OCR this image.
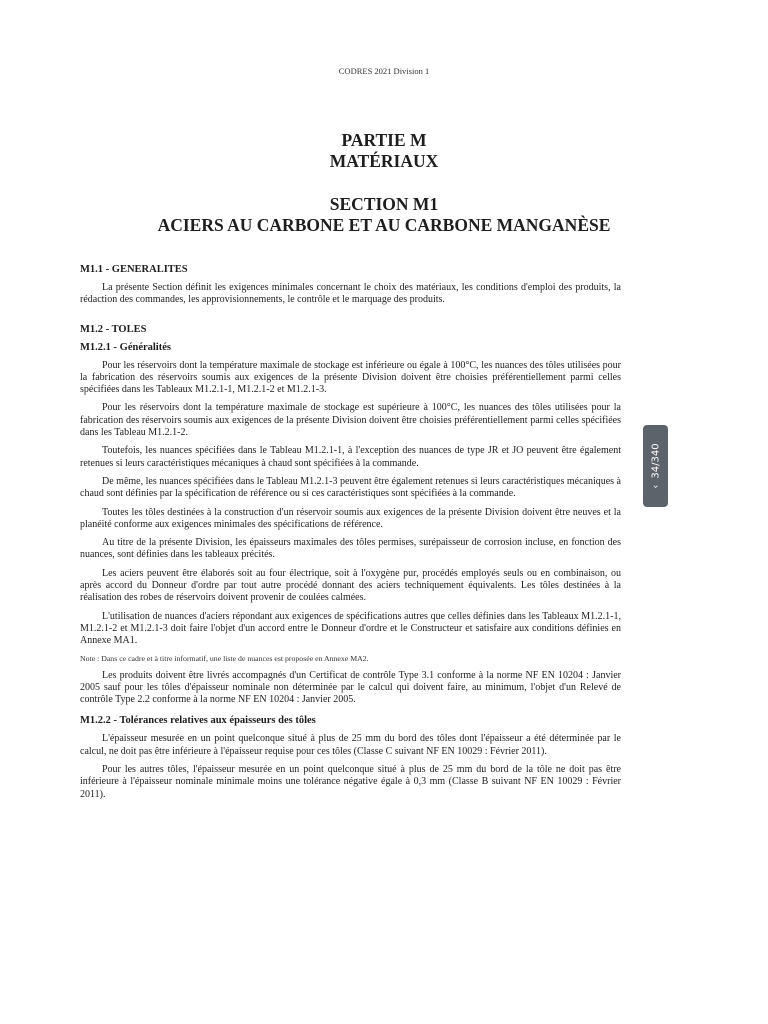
CODRES 2021 Division 1
PARTIE M
MATÉRIAUX
SECTION M1
ACIERS AU CARBONE ET AU CARBONE MANGANÈSE
M1.1 - GENERALITES

La présente Section définit les exigences minimales concernant le choix des matériaux, les conditions d'emploi des produits, la rédaction des commandes, les approvisionnements, le contrôle et le marquage des produits.

M1.2 - TOLES
M1.2.1 - Généralités

Pour les réservoirs dont la température maximale de stockage est inférieure ou égale à 100°C, les nuances des tôles utilisées pour la fabrication des réservoirs soumis aux exigences de la présente Division doivent être choisies préférentiellement parmi celles spécifiées dans les Tableaux M1.2.1-1, M1.2.1-2 et M1.2.1-3.

Pour les réservoirs dont la température maximale de stockage est supérieure à 100°C, les nuances des tôles utilisées pour la fabrication des réservoirs soumis aux exigences de la présente Division doivent être choisies préférentiellement parmi celles spécifiées dans les Tableau M1.2.1-2.

Toutefois, les nuances spécifiées dans le Tableau M1.2.1-1, à l'exception des nuances de type JR et JO peuvent être également retenues si leurs caractéristiques mécaniques à chaud sont spécifiées à la commande.

De même, les nuances spécifiées dans le Tableau M1.2.1-3 peuvent être également retenues si leurs caractéristiques mécaniques à chaud sont définies par la spécification de référence ou si ces caractéristiques sont spécifiées à la commande.

Toutes les tôles destinées à la construction d'un réservoir soumis aux exigences de la présente Division doivent être neuves et la planéité conforme aux exigences minimales des spécifications de référence.

Au titre de la présente Division, les épaisseurs maximales des tôles permises, surépaisseur de corrosion incluse, en fonction des nuances, sont définies dans les tableaux précités.

Les aciers peuvent être élaborés soit au four électrique, soit à l'oxygène pur, procédés employés seuls ou en combinaison, ou après accord du Donneur d'ordre par tout autre procédé donnant des aciers techniquement équivalents. Les tôles destinées à la réalisation des robes de réservoirs doivent provenir de coulées calmées.

L'utilisation de nuances d'aciers répondant aux exigences de spécifications autres que celles définies dans les Tableaux M1.2.1-1, M1.2.1-2 et M1.2.1-3 doit faire l'objet d'un accord entre le Donneur d'ordre et le Constructeur et satisfaire aux conditions définies en Annexe MA1.

Note : Dans ce cadre et à titre informatif, une liste de nuances est proposée en Annexe MA2.

Les produits doivent être livrés accompagnés d'un Certificat de contrôle Type 3.1 conforme à la norme NF EN 10204 : Janvier 2005 sauf pour les tôles d'épaisseur nominale non déterminée par le calcul qui doivent faire, au minimum, l'objet d'un Relevé de contrôle Type 2.2 conforme à la norme NF EN 10204 : Janvier 2005.

M1.2.2 - Tolérances relatives aux épaisseurs des tôles

L'épaisseur mesurée en un point quelconque situé à plus de 25 mm du bord des tôles dont l'épaisseur a été déterminée par le calcul, ne doit pas être inférieure à l'épaisseur requise pour ces tôles (Classe C suivant NF EN 10029 : Février 2011).

Pour les autres tôles, l'épaisseur mesurée en un point quelconque situé à plus de 25 mm du bord de la tôle ne doit pas être inférieure à l'épaisseur nominale minimale moins une tolérance négative égale à 0,3 mm (Classe B suivant NF EN 10029 : Février 2011).

‹
34/340
